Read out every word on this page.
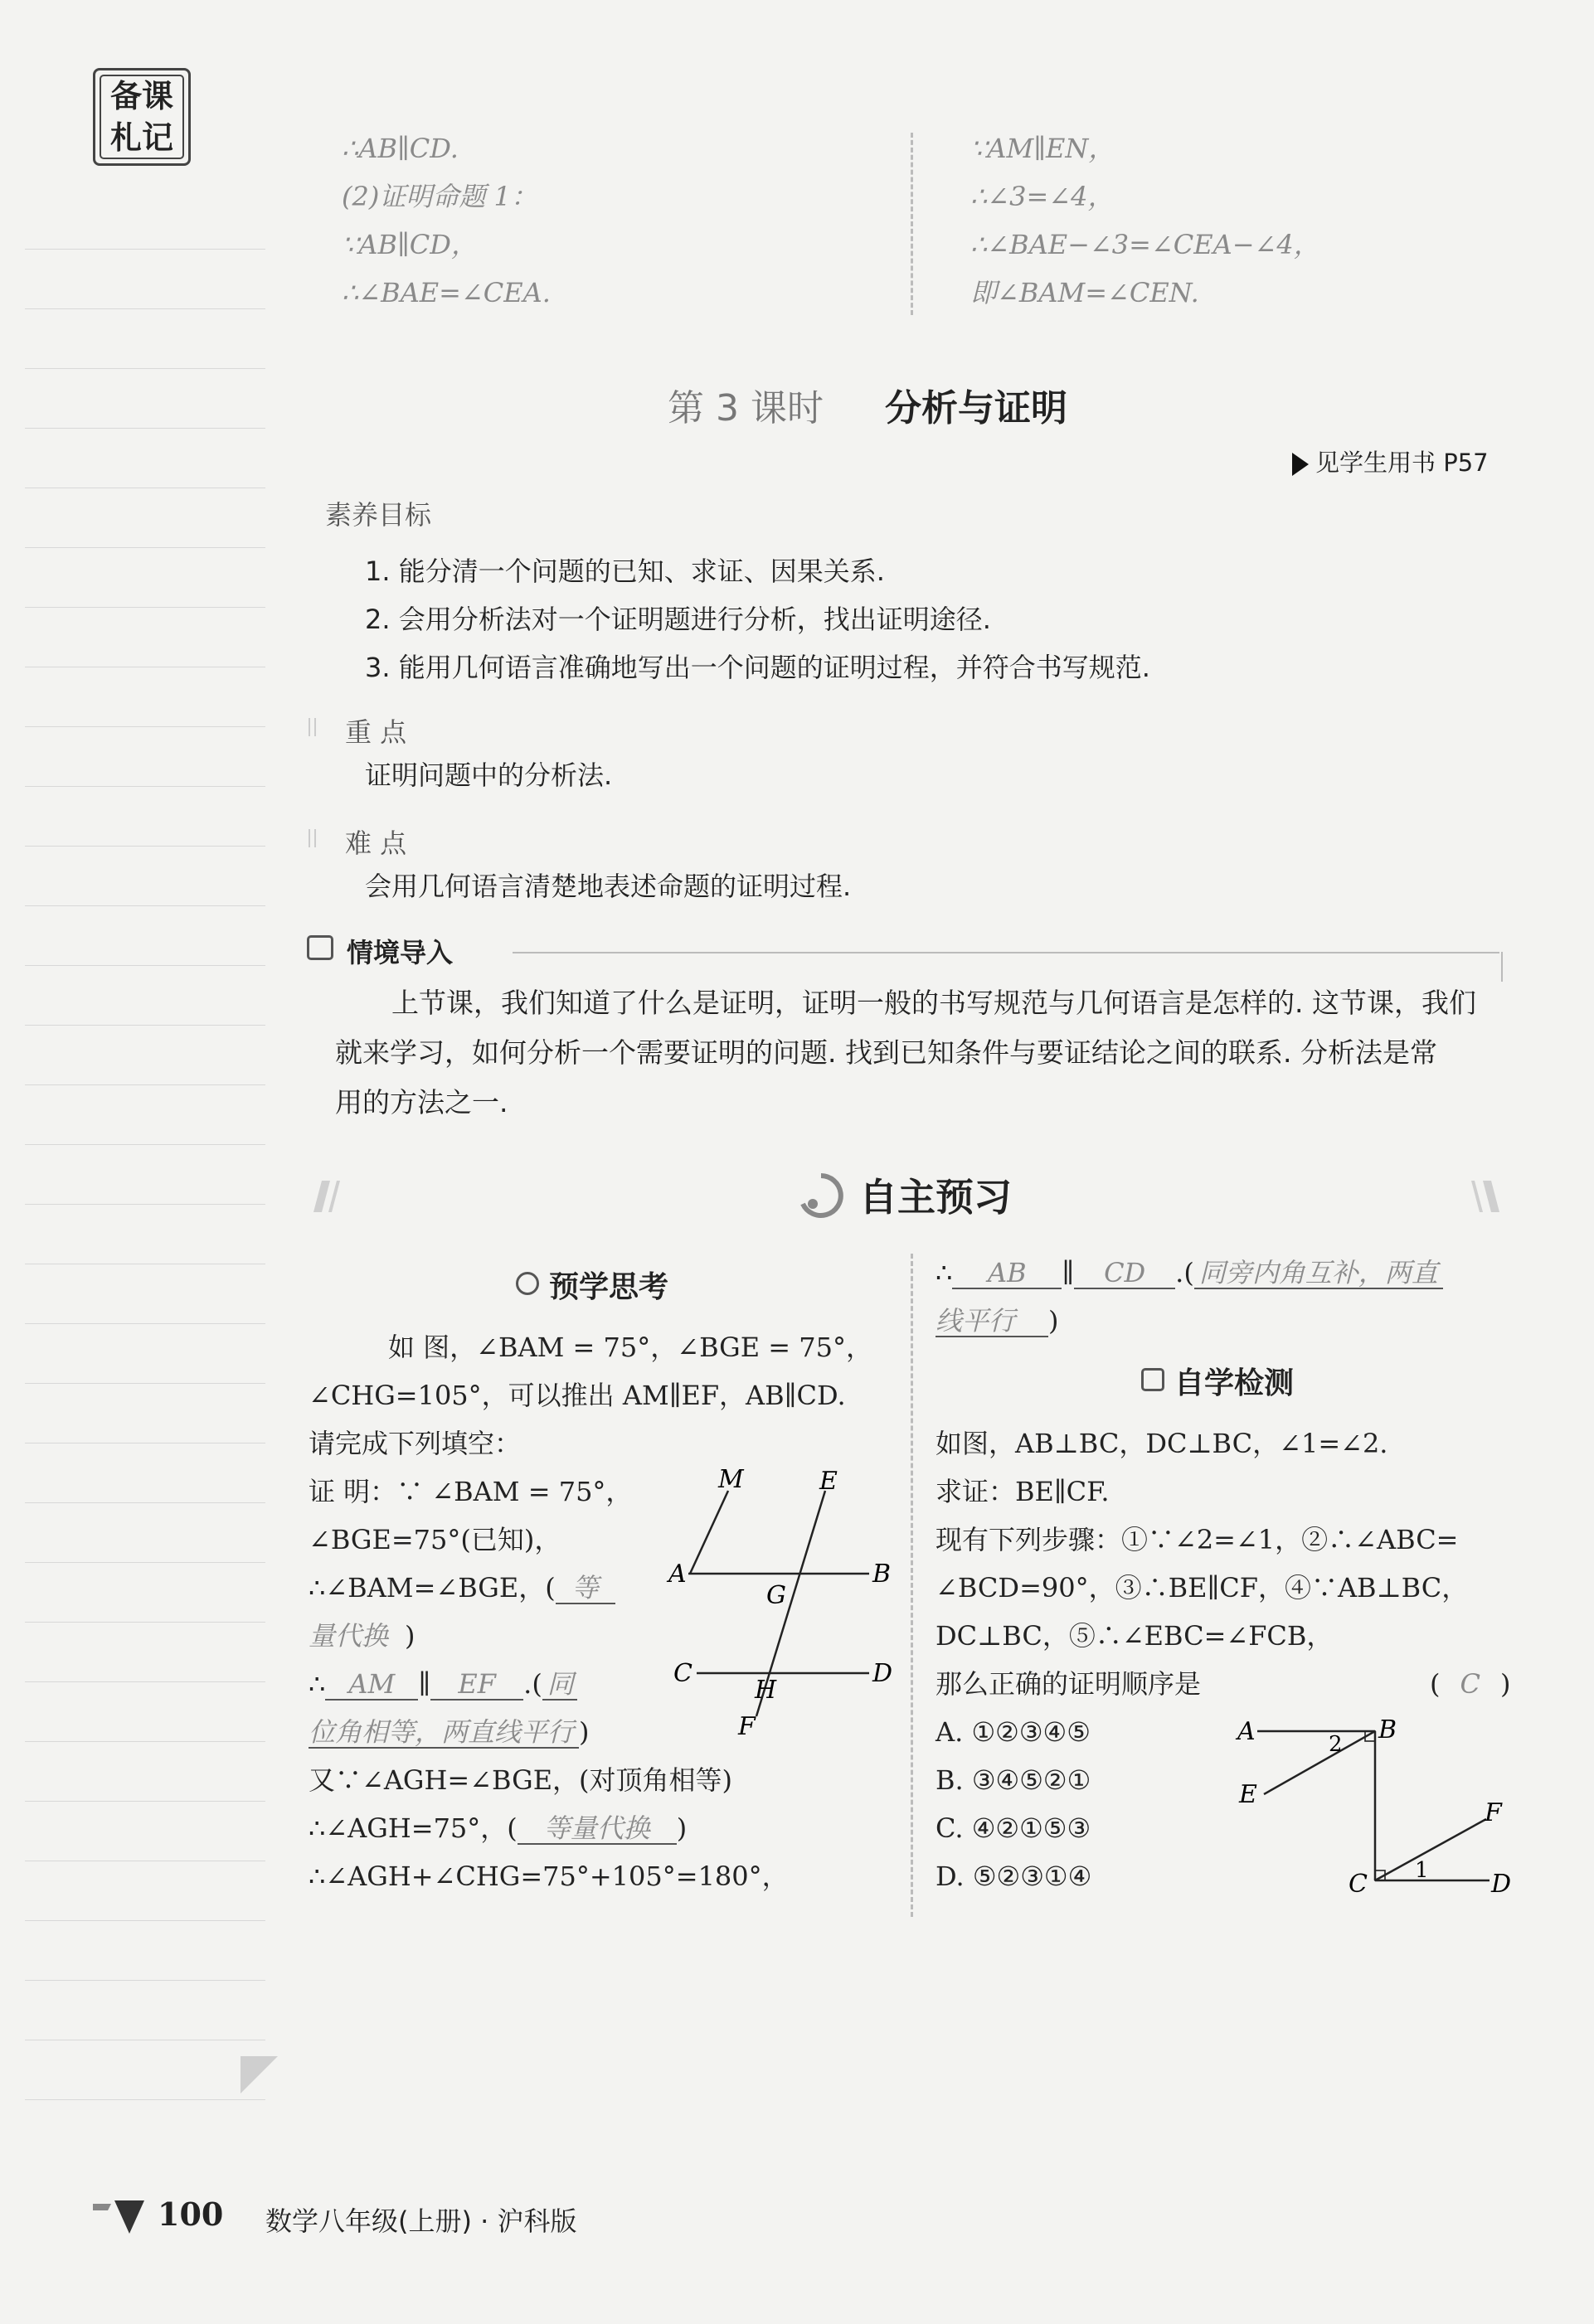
备课
札记	∴AB∥CD.
(2)证明命题 1：
∵AB∥CD，
∴∠BAE=∠CEA.
∵AM∥EN，
∴∠3=∠4，
∴∠BAE−∠3=∠CEA−∠4，
即∠BAM=∠CEN.
第 3 课时 分析与证明
见学生用书 P57
素养目标
1. 能分清一个问题的已知、求证、因果关系.
2. 会用分析法对一个证明题进行分析，找出证明途径.
3. 能用几何语言准确地写出一个问题的证明过程，并符合书写规范.
重 点
证明问题中的分析法.
难 点
会用几何语言清楚地表述命题的证明过程.
情境导入
上节课，我们知道了什么是证明，证明一般的书写规范与几何语言是怎样的. 这节课，我们
就来学习，如何分析一个需要证明的问题. 找到已知条件与要证结论之间的联系. 分析法是常
用的方法之一.
自主预习
预学思考
如 图，∠BAM = 75°，∠BGE = 75°，
∠CHG=105°，可以推出 AM∥EF，AB∥CD.
请完成下列填空：
证 明：∵ ∠BAM = 75°，
∠BGE=75°(已知)，
∴∠BAM=∠BGE，( 等
量代换 )
∴ AM ∥ EF .( 同
位角相等，两直线平行 )
又∵∠AGH=∠BGE，(对顶角相等)
∴∠AGH=75°，( 等量代换 )
∴∠AGH+∠CHG=75°+105°=180°，
M	E
A
G
B
C
H
D
F
∴ AB ∥ CD .( 同旁内角互补，两直
线平行 )
自学检测
如图，AB⊥BC，DC⊥BC，∠1=∠2.
求证：BE∥CF.
现有下列步骤：①∵∠2=∠1，②∴∠ABC=
∠BCD=90°，③∴BE∥CF，④∵AB⊥BC，
DC⊥BC，⑤∴∠EBC=∠FCB，
那么正确的证明顺序是	( C )
A. ①②③④⑤
B. ③④⑤②①
C. ④②①⑤③
D. ⑤②③①④
A	B
E
F
C	D
1
2
100 数学八年级(上册) · 沪科版
